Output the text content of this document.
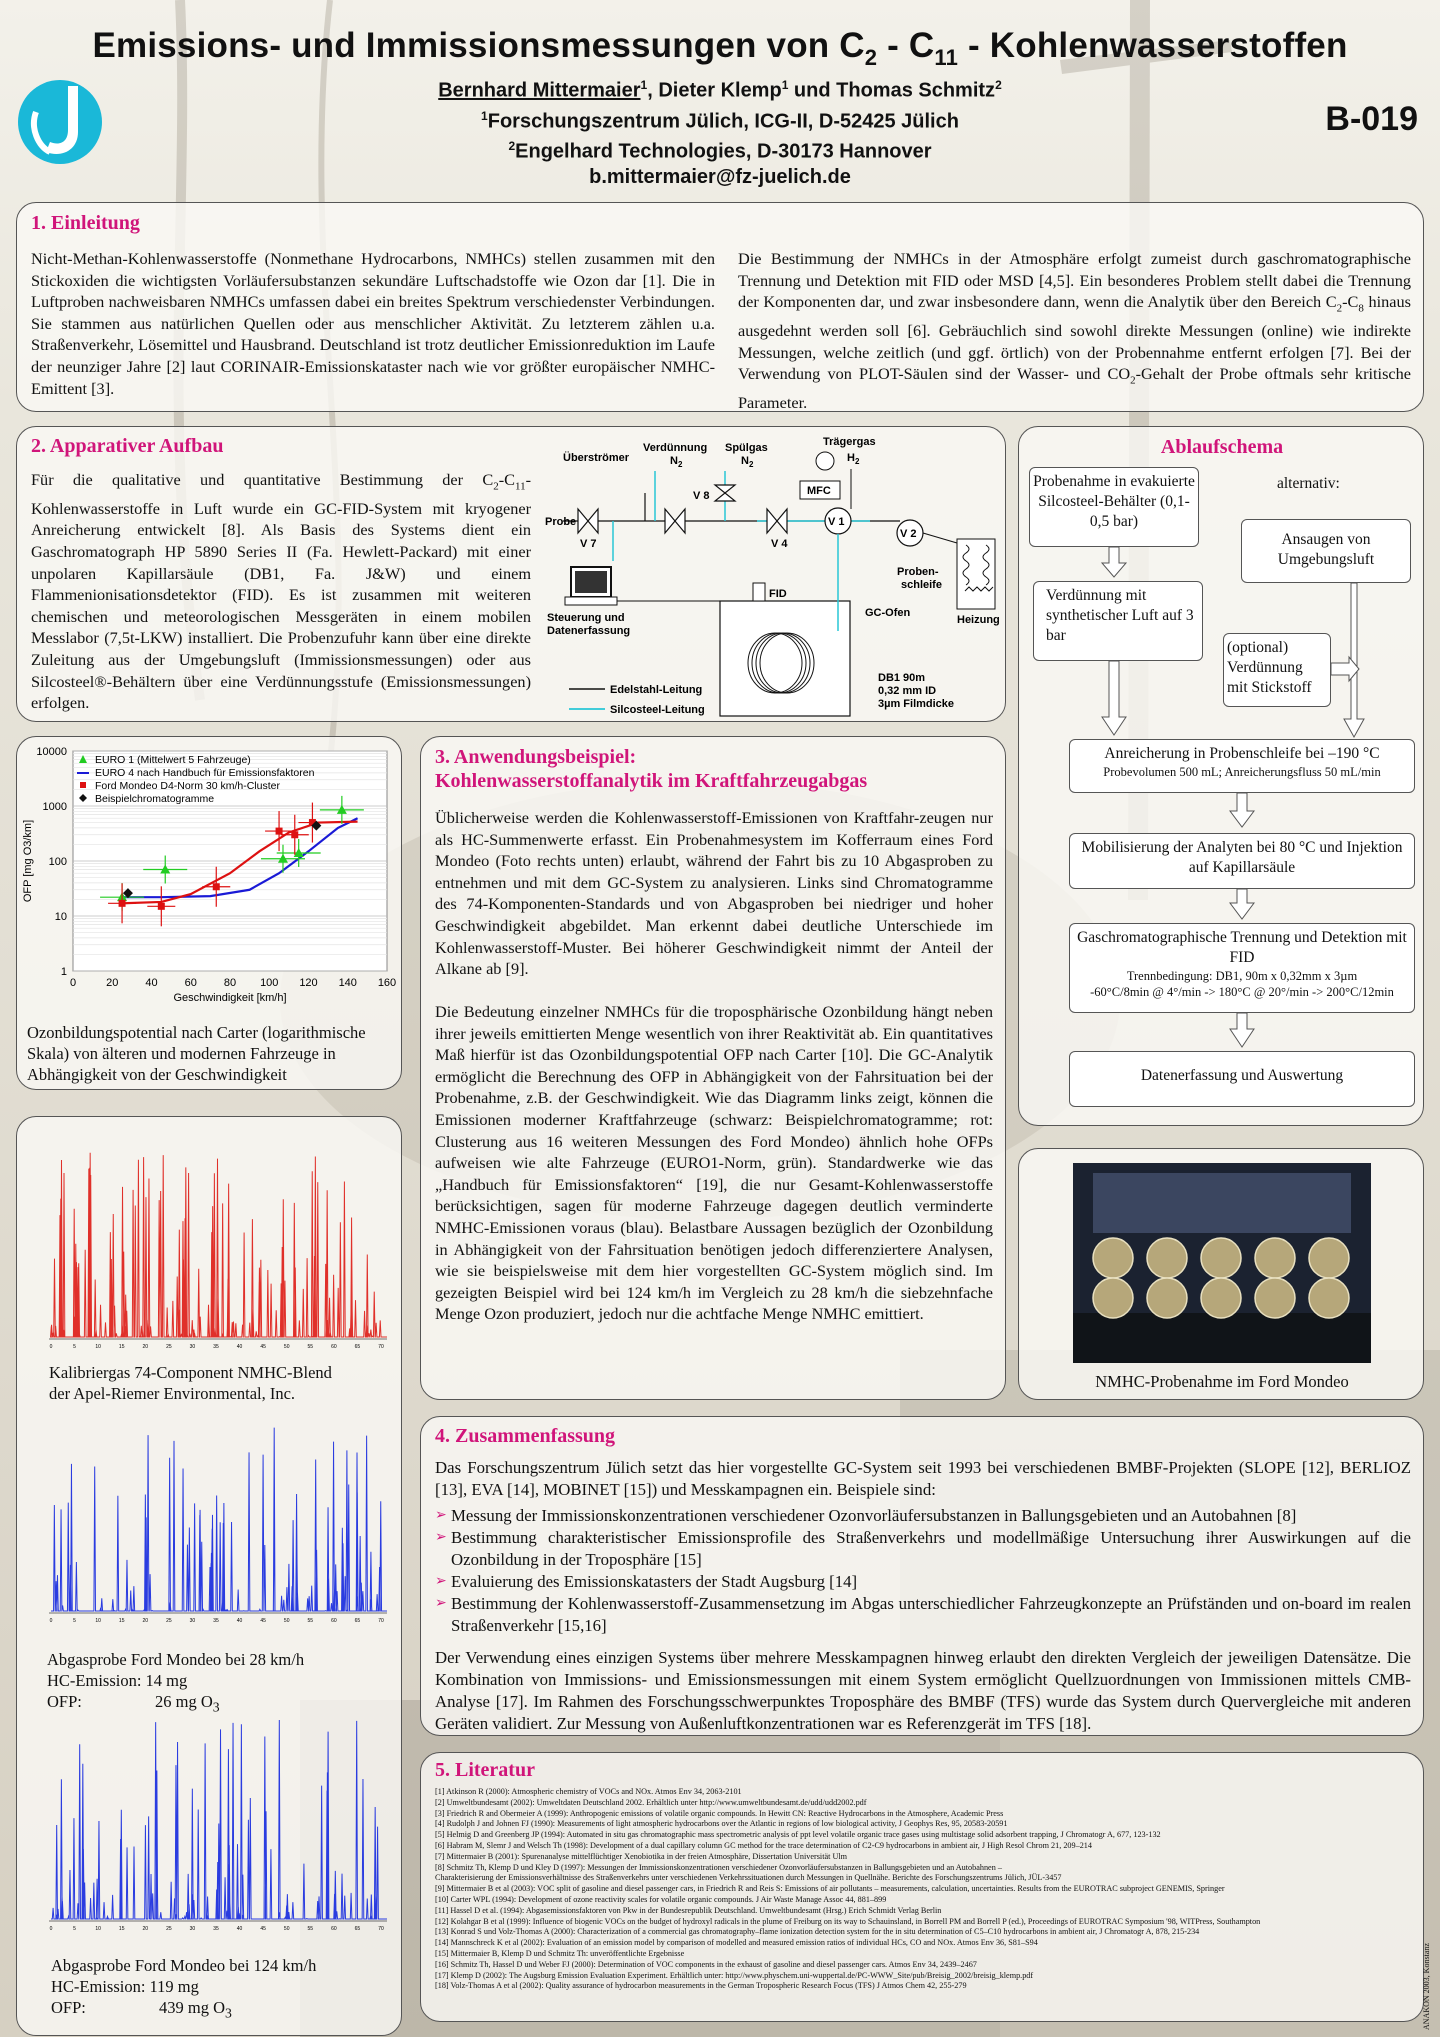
Emissions- und Immissionsmessungen von $C_2 - C_{11}$ - Kohlenwasserstoffen
Bernhard Mittermaier$^1$, Dieter Klemp$^1$ und Thomas Schmitz$^2$
$^1$Forschungszentrum Jülich, ICG-II, D-52425 Jülich
$^2$Engelhard Technologies, D-30173 Hannover
b.mittermaier@fz-juelich.de
B-019
1. Einleitung
Nicht-Methan-Kohlenwasserstoffe (Nonmethane Hydrocarbons, NMHCs) stellen zusammen mit den Stickoxiden die wichtigsten Vorläufersubstanzen sekundäre Luftschadstoffe wie Ozon dar [1]. Die in Luftproben nachweisbaren NMHCs umfassen dabei ein breites Spektrum verschiedenster Verbindungen. Sie stammen aus natürlichen Quellen oder aus menschlicher Aktivität. Zu letzterem zählen u.a. Straßenverkehr, Lösemittel und Hausbrand. Deutschland ist trotz deutlicher Emissionreduktion im Laufe der neunziger Jahre [2] laut CORINAIR-Emissionskataster nach wie vor größter europäischer NMHC-Emittent [3].
Die Bestimmung der NMHCs in der Atmosphäre erfolgt zumeist durch gaschromatographische Trennung und Detektion mit FID oder MSD [4,5]. Ein besonderes Problem stellt dabei die Trennung der Komponenten dar, und zwar insbesondere dann, wenn die Analytik über den Bereich $C_2-C_8$ hinaus ausgedehnt werden soll [6]. Gebräuchlich sind sowohl direkte Messungen (online) wie indirekte Messungen, welche zeitlich (und ggf. örtlich) von der Probennahme entfernt erfolgen [7]. Bei der Verwendung von PLOT-Säulen sind der Wasser- und $CO_2$-Gehalt der Probe oftmals sehr kritische Parameter.
2. Apparativer Aufbau
Für die qualitative und quantitative Bestimmung der $C_2-C_{11}$-Kohlenwasserstoffe in Luft wurde ein GC-FID-System mit kryogener Anreicherung entwickelt [8]. Als Basis des Systems dient ein Gaschromatograph HP 5890 Series II (Fa. Hewlett-Packard) mit einer unpolaren Kapillarsäule (DB1, Fa. J&W) und einem Flammenionisationsdetektor (FID). Es ist zusammen mit weiteren chemischen und meteorologischen Messgeräten in einem mobilen Messlabor (7,5t-LKW) installiert. Die Probenzufuhr kann über eine direkte Zuleitung aus der Umgebungsluft (Immissionsmessungen) oder aus Silcosteel®-Behältern über eine Verdünnungsstufe (Emissionsmessungen) erfolgen.
Probe
Überströmer
Verdünnung
$N_2$
Spülgas
$N_2$
Trägergas
$H_2$
MFC
V 1
V 2
V 4
V 7
V 8
FID
Proben-
schleife
Heizung
GC-Ofen
Steuerung und
Datenerfassung
DB1 90m
0,32 mm ID
3µm Filmdicke
Edelstahl-Leitung
Silcosteel-Leitung
Ablaufschema
Probenahme in evakuierte Silcosteel-Behälter (0,1-0,5 bar)
alternativ:
Ansaugen von Umgebungsluft
Verdünnung mit synthetischer Luft auf 3 bar
(optional) Verdünnung mit Stickstoff
Anreicherung in Probenschleife bei –190 °C
Probevolumen 500 mL; Anreicherungsfluss 50 mL/min
Mobilisierung der Analyten bei 80 °C und Injektion auf Kapillarsäule
Gaschromatographische Trennung und Detektion mit FID
Trennbedingung: DB1, 90m x 0,32mm x 3µm
-60°C/8min @ 4°/min -> 180°C @ 20°/min -> 200°C/12min
Datenerfassung und Auswertung
1
10
100
1000
10000
0	20 40 60 80 100 120 140 160
Geschwindigkeit [km/h]
OFP [mg O3/km]
EURO 1 (Mittelwert 5 Fahrzeuge)
EURO 4 nach Handbuch für Emissionsfaktoren
Ford Mondeo D4-Norm 30 km/h-Cluster
Beispielchromatogramme
Ozonbildungspotential nach Carter (logarithmische Skala) von älteren und modernen Fahrzeuge in Abhängigkeit von der Geschwindigkeit
0	5	10	15	20	25	30	35	40	45	50	55	60	65	70
Kalibriergas 74-Component NMHC-Blend
der Apel-Riemer Environmental, Inc.
0	5	10	15	20	25	30	35	40	45	50	55	60	65	70
Abgasprobe Ford Mondeo bei 28 km/h
HC-Emission: 14 mg
OFP:	26 mg $O_3$
0	5	10	15	20	25	30	35	40	45	50	55	60	65	70
Abgasprobe Ford Mondeo bei 124 km/h
HC-Emission: 119 mg
OFP:	439 mg $O_3$
3. Anwendungsbeispiel:
Kohlenwasserstoffanalytik im Kraftfahrzeugabgas
Üblicherweise werden die Kohlenwasserstoff-Emissionen von Kraftfahr-zeugen nur als HC-Summenwerte erfasst. Ein Probenahmesystem im Kofferraum eines Ford Mondeo (Foto rechts unten) erlaubt, während der Fahrt bis zu 10 Abgasproben zu entnehmen und mit dem GC-System zu analysieren. Links sind Chromatogramme des 74-Komponenten-Standards und von Abgasproben bei niedriger und hoher Geschwindigkeit abgebildet. Man erkennt dabei deutliche Unterschiede im Kohlenwasserstoff-Muster. Bei höherer Geschwindigkeit nimmt der Anteil der Alkane ab [9].
Die Bedeutung einzelner NMHCs für die troposphärische Ozonbildung hängt neben ihrer jeweils emittierten Menge wesentlich von ihrer Reaktivität ab. Ein quantitatives Maß hierfür ist das Ozonbildungspotential OFP nach Carter [10]. Die GC-Analytik ermöglicht die Berechnung des OFP in Abhängigkeit von der Fahrsituation bei der Probenahme, z.B. der Geschwindigkeit. Wie das Diagramm links zeigt, können die Emissionen moderner Kraftfahrzeuge (schwarz: Beispielchromatogramme; rot: Clusterung aus 16 weiteren Messungen des Ford Mondeo) ähnlich hohe OFPs aufweisen wie alte Fahrzeuge (EURO1-Norm, grün). Standardwerke wie das „Handbuch für Emissionsfaktoren“ [19], die nur Gesamt-Kohlenwasserstoffe berücksichtigen, sagen für moderne Fahrzeuge dagegen deutlich verminderte NMHC-Emissionen voraus (blau). Belastbare Aussagen bezüglich der Ozonbildung in Abhängigkeit von der Fahrsituation benötigen jedoch differenziertere Analysen, wie sie beispielsweise mit dem hier vorgestellten GC-System möglich sind. Im gezeigten Beispiel wird bei 124 km/h im Vergleich zu 28 km/h die siebzehnfache Menge Ozon produziert, jedoch nur die achtfache Menge NMHC emittiert.
NMHC-Probenahme im Ford Mondeo
4. Zusammenfassung
Das Forschungszentrum Jülich setzt das hier vorgestellte GC-System seit 1993 bei verschiedenen BMBF-Projekten (SLOPE [12], BERLIOZ [13], EVA [14], MOBINET [15]) und Messkampagnen ein. Beispiele sind:
➢ Messung der Immissionskonzentrationen verschiedener Ozonvorläufersubstanzen in Ballungsgebieten und an Autobahnen [8]
➢ Bestimmung charakteristischer Emissionsprofile des Straßenverkehrs und modellmäßige Untersuchung ihrer Auswirkungen auf die Ozonbildung in der Troposphäre [15]
➢ Evaluierung des Emissionskatasters der Stadt Augsburg [14]
➢ Bestimmung der Kohlenwasserstoff-Zusammensetzung im Abgas unterschiedlicher Fahrzeugkonzepte an Prüfständen und on-board im realen Straßenverkehr [15,16]
Der Verwendung eines einzigen Systems über mehrere Messkampagnen hinweg erlaubt den direkten Vergleich der jeweiligen Datensätze. Die Kombination von Immissions- und Emissionsmessungen mit einem System ermöglicht Quellzuordnungen von Immissionen mittels CMB-Analyse [17]. Im Rahmen des Forschungsschwerpunktes Troposphäre des BMBF (TFS) wurde das System durch Quervergleiche mit anderen Geräten validiert. Zur Messung von Außenluftkonzentrationen war es Referenzgerät im TFS [18].
5. Literatur
[1] Atkinson R (2000): Atmospheric chemistry of VOCs and NOx. Atmos Env 34, 2063-2101
[2] Umweltbundesamt (2002): Umweltdaten Deutschland 2002. Erhältlich unter http://www.umweltbundesamt.de/udd/udd2002.pdf
[3] Friedrich R and Obermeier A (1999): Anthropogenic emissions of volatile organic compounds. In Hewitt CN: Reactive Hydrocarbons in the Atmosphere, Academic Press
[4] Rudolph J and Johnen FJ (1990): Measurements of light atmospheric hydrocarbons over the Atlantic in regions of low biological activity, J Geophys Res, 95, 20583-20591
[5] Helmig D and Greenberg JP (1994): Automated in situ gas chromatographic mass spectrometric analysis of ppt level volatile organic trace gases using multistage solid adsorbent trapping, J Chromatogr A, 677, 123-132
[6] Habram M, Slemr J and Welsch Th (1998): Development of a dual capillary column GC method for the trace determination of C2-C9 hydrocarbons in ambient air, J High Resol Chrom 21, 209–214
[7] Mittermaier B (2001): Spurenanalyse mittelflüchtiger Xenobiotika in der freien Atmosphäre, Dissertation Universität Ulm
[8] Schmitz Th, Klemp D und Kley D (1997): Messungen der Immissionskonzentrationen verschiedener Ozonvorläufersubstanzen in Ballungsgebieten und an Autobahnen –
Charakterisierung der Emissionsverhältnisse des Straßenverkehrs unter verschiedenen Verkehrssituationen durch Messungen in Quellnähe. Berichte des Forschungszentrums Jülich, JÜL-3457
[9] Mittermaier B et al (2003): VOC split of gasoline and diesel passenger cars, in Friedrich R and Reis S: Emissions of air pollutants – measurements, calculation, uncertainties. Results from the EUROTRAC subproject GENEMIS, Springer
[10] Carter WPL (1994): Development of ozone reactivity scales for volatile organic compounds. J Air Waste Manage Assoc 44, 881–899
[11] Hassel D et al. (1994): Abgasemissionsfaktoren von Pkw in der Bundesrepublik Deutschland. Umweltbundesamt (Hrsg.) Erich Schmidt Verlag Berlin
[12] Kolahgar B et al (1999): Influence of biogenic VOCs on the budget of hydroxyl radicals in the plume of Freiburg on its way to Schauinsland, in Borrell PM and Borrell P (ed.), Proceedings of EUROTRAC Symposium '98, WITPress, Southampton
[13] Konrad S und Volz-Thomas A (2000): Characterization of a commercial gas chromatography–flame ionization detection system for the in situ determination of C5–C10 hydrocarbons in ambient air, J Chromatogr A, 878, 215-234
[14] Mannschreck K et al (2002): Evaluation of an emission model by comparison of modelled and measured emission ratios of individual HCs, CO and NOx. Atmos Env 36, S81–S94
[15] Mittermaier B, Klemp D und Schmitz Th: unveröffentlichte Ergebnisse
[16] Schmitz Th, Hassel D und Weber FJ (2000): Determination of VOC components in the exhaust of gasoline and diesel passenger cars. Atmos Env 34, 2439–2467
[17] Klemp D (2002): The Augsburg Emission Evaluation Experiment. Erhältlich unter: http://www.physchem.uni-wuppertal.de/PC-WWW_Site/pub/Breisig_2002/breisig_klemp.pdf
[18] Volz-Thomas A et al (2002): Quality assurance of hydrocarbon measurements in the German Tropospheric Research Focus (TFS) J Atmos Chem 42, 255-279	ANAKON 2003, Konstanz
